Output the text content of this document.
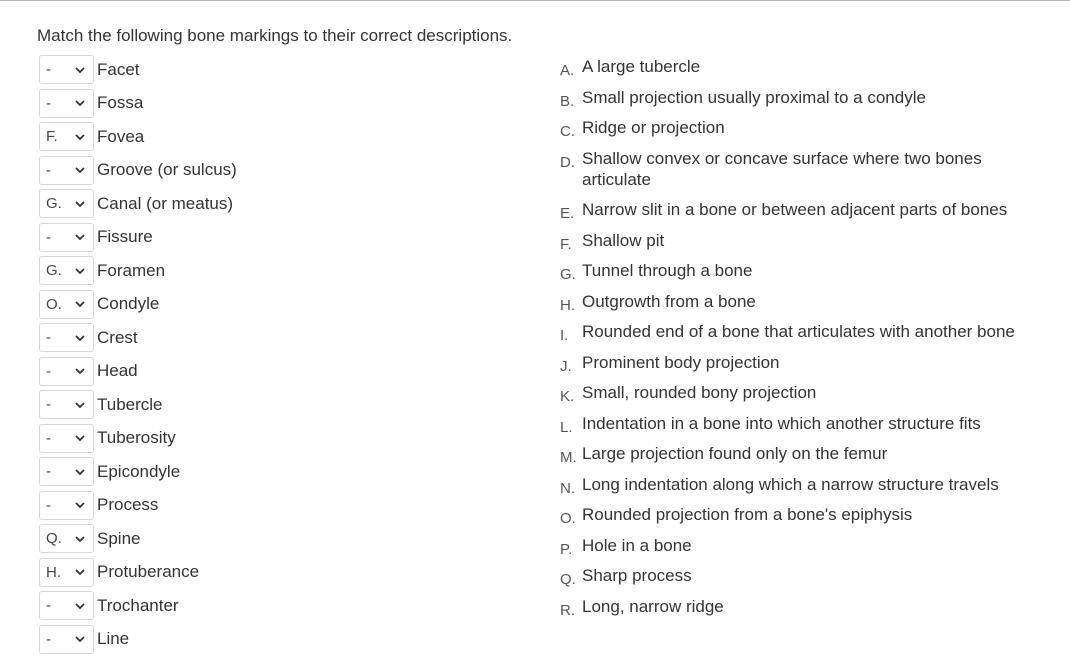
Match the following bone markings to their correct descriptions.
-	Facet
-	Fossa
F. Fovea
-	Groove (or sulcus)
G. Canal (or meatus)
-	Fissure
G. Foramen
O. Condyle
-	Crest
-	Head
-	Tubercle
-	Tuberosity
-	Epicondyle
-	Process
Q. Spine
H. Protuberance
-	Trochanter
-	Line
A. A large tubercle
B. Small projection usually proximal to a condyle
C. Ridge or projection
D. Shallow convex or concave surface where two bones articulate
E. Narrow slit in a bone or between adjacent parts of bones
F. Shallow pit
G. Tunnel through a bone
H. Outgrowth from a bone
I. Rounded end of a bone that articulates with another bone
J. Prominent body projection
K. Small, rounded bony projection
L. Indentation in a bone into which another structure fits
M. Large projection found only on the femur
N. Long indentation along which a narrow structure travels
O. Rounded projection from a bone's epiphysis
P. Hole in a bone
Q. Sharp process
R. Long, narrow ridge
